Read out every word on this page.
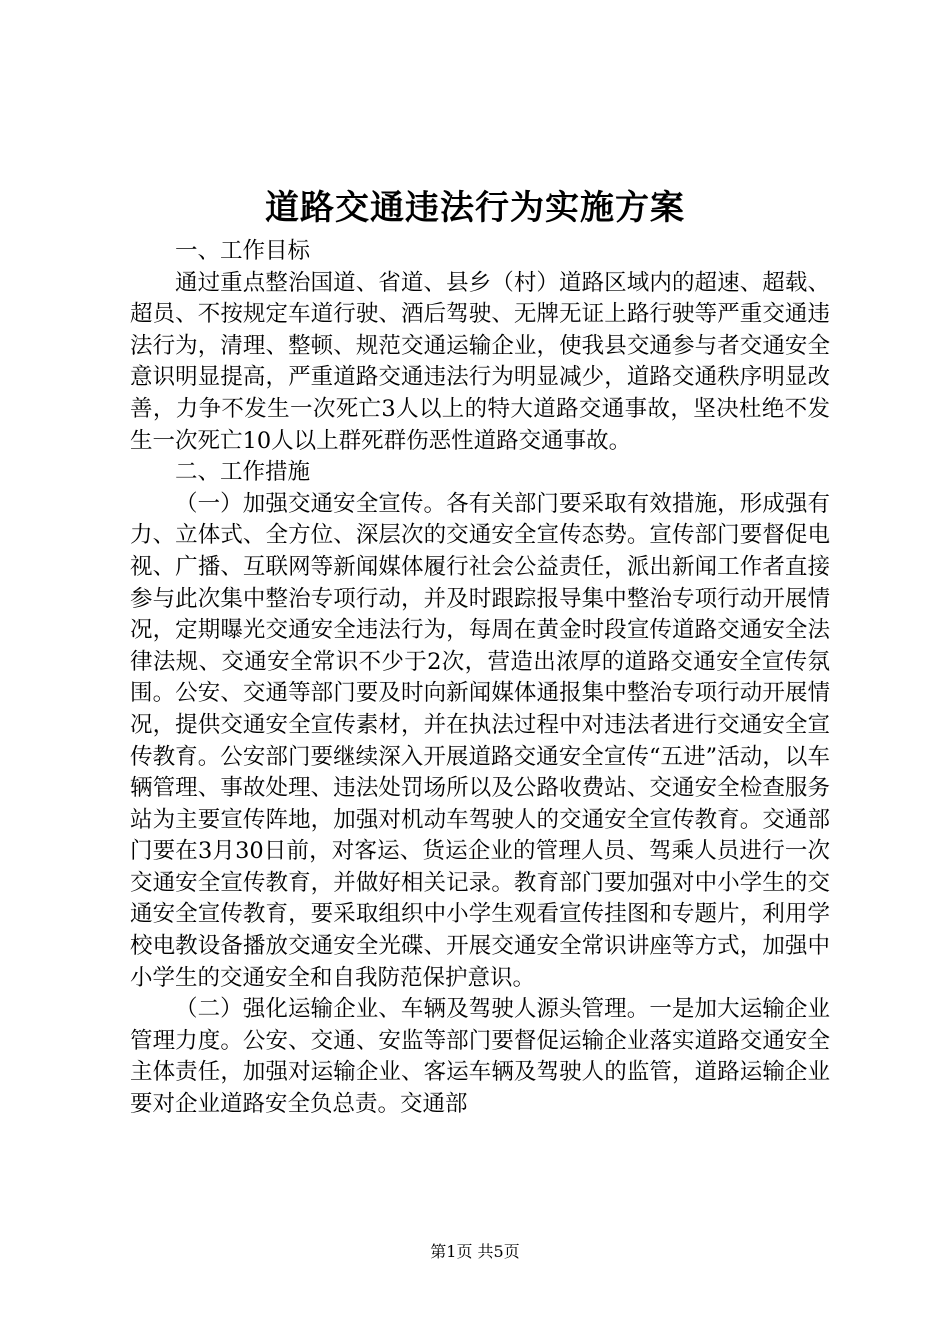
道路交通违法行为实施方案

一、工作目标

通过重点整治国道、省道、县乡（村）道路区域内的超速、超载、超员、不按规定车道行驶、酒后驾驶、无牌无证上路行驶等严重交通违法行为，清理、整顿、规范交通运输企业，使我县交通参与者交通安全意识明显提高，严重道路交通违法行为明显减少，道路交通秩序明显改善，力争不发生一次死亡3人以上的特大道路交通事故，坚决杜绝不发生一次死亡10人以上群死群伤恶性道路交通事故。

二、工作措施

（一）加强交通安全宣传。各有关部门要采取有效措施，形成强有力、立体式、全方位、深层次的交通安全宣传态势。宣传部门要督促电视、广播、互联网等新闻媒体履行社会公益责任，派出新闻工作者直接参与此次集中整治专项行动，并及时跟踪报导集中整治专项行动开展情况，定期曝光交通安全违法行为，每周在黄金时段宣传道路交通安全法律法规、交通安全常识不少于2次，营造出浓厚的道路交通安全宣传氛围。公安、交通等部门要及时向新闻媒体通报集中整治专项行动开展情况，提供交通安全宣传素材，并在执法过程中对违法者进行交通安全宣传教育。公安部门要继续深入开展道路交通安全宣传“五进”活动，以车辆管理、事故处理、违法处罚场所以及公路收费站、交通安全检查服务站为主要宣传阵地，加强对机动车驾驶人的交通安全宣传教育。交通部门要在3月30日前，对客运、货运企业的管理人员、驾乘人员进行一次交通安全宣传教育，并做好相关记录。教育部门要加强对中小学生的交通安全宣传教育，要采取组织中小学生观看宣传挂图和专题片，利用学校电教设备播放交通安全光碟、开展交通安全常识讲座等方式，加强中小学生的交通安全和自我防范保护意识。

（二）强化运输企业、车辆及驾驶人源头管理。一是加大运输企业管理力度。公安、交通、安监等部门要督促运输企业落实道路交通安全主体责任，加强对运输企业、客运车辆及驾驶人的监管，道路运输企业要对企业道路安全负总责。交通部

第1页 共5页
